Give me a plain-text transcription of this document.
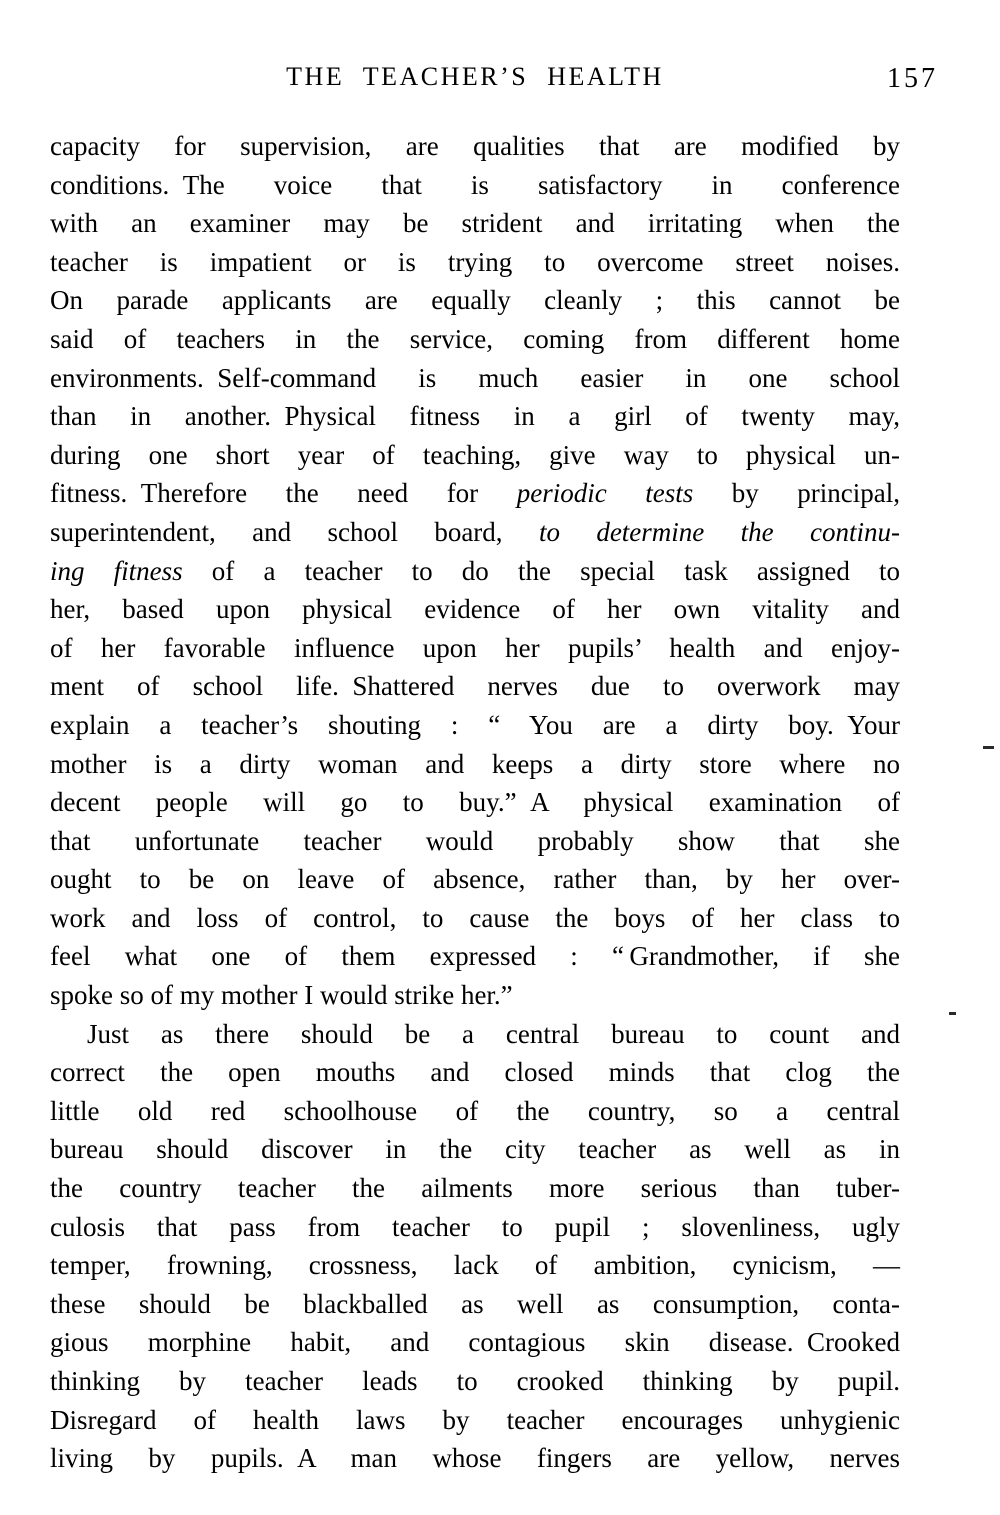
THE TEACHER’S HEALTH	157
capacity for supervision, are qualities that are modified by
conditions. The voice that is satisfactory in conference
with an examiner may be strident and irritating when the
teacher is impatient or is trying to overcome street noises.
On parade applicants are equally cleanly ; this cannot be
said of teachers in the service, coming from different home
environments. Self-command is much easier in one school
than in another. Physical fitness in a girl of twenty may,
during one short year of teaching, give way to physical un-
fitness. Therefore the need for periodic tests by principal,
superintendent, and school board, to determine the continu-
ing fitness of a teacher to do the special task assigned to
her, based upon physical evidence of her own vitality and
of her favorable influence upon her pupils’ health and enjoy-
ment of school life. Shattered nerves due to overwork may
explain a teacher’s shouting : “ You are a dirty boy. Your
mother is a dirty woman and keeps a dirty store where no
decent people will go to buy.” A physical examination of
that unfortunate teacher would probably show that she
ought to be on leave of absence, rather than, by her over-
work and loss of control, to cause the boys of her class to
feel what one of them expressed : “ Grandmother, if she
spoke so of my mother I would strike her.”
Just as there should be a central bureau to count and
correct the open mouths and closed minds that clog the
little old red schoolhouse of the country, so a central
bureau should discover in the city teacher as well as in
the country teacher the ailments more serious than tuber-
culosis that pass from teacher to pupil ; slovenliness, ugly
temper, frowning, crossness, lack of ambition, cynicism, —
these should be blackballed as well as consumption, conta-
gious morphine habit, and contagious skin disease. Crooked
thinking by teacher leads to crooked thinking by pupil.
Disregard of health laws by teacher encourages unhygienic
living by pupils. A man whose fingers are yellow, nerves
